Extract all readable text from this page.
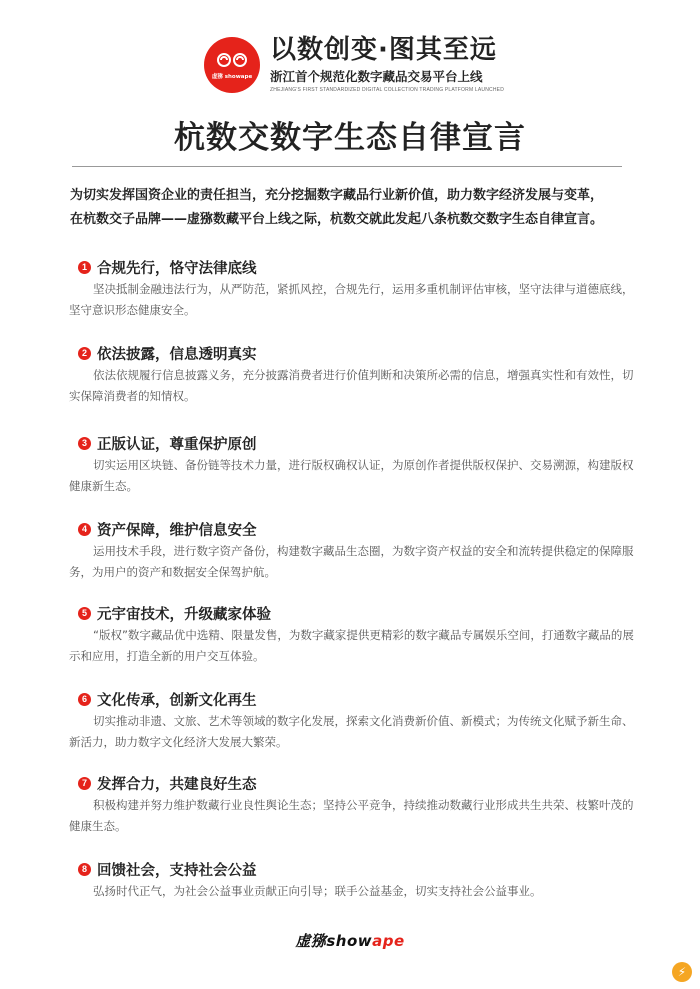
虚猕 showape
以数创变·图其至远
浙江首个规范化数字藏品交易平台上线
ZHEJIANG'S FIRST STANDARDIZED DIGITAL COLLECTION TRADING PLATFORM LAUNCHED
杭数交数字生态自律宣言

为切实发挥国资企业的责任担当，充分挖掘数字藏品行业新价值，助力数字经济发展与变革，

在杭数交子品牌——虚猕数藏平台上线之际，杭数交就此发起八条杭数交数字生态自律宣言。

1 合规先行，恪守法律底线
坚决抵制金融违法行为，从严防范，紧抓风控，合规先行，运用多重机制评估审核，坚守法律与道德底线，坚守意识形态健康安全。
2 依法披露，信息透明真实
依法依规履行信息披露义务，充分披露消费者进行价值判断和决策所必需的信息，增强真实性和有效性，切实保障消费者的知情权。
3 正版认证，尊重保护原创
切实运用区块链、备份链等技术力量，进行版权确权认证，为原创作者提供版权保护、交易溯源，构建版权健康新生态。
4 资产保障，维护信息安全
运用技术手段，进行数字资产备份，构建数字藏品生态圈，为数字资产权益的安全和流转提供稳定的保障服务，为用户的资产和数据安全保驾护航。
5 元宇宙技术，升级藏家体验
“版权”数字藏品优中选精、限量发售，为数字藏家提供更精彩的数字藏品专属娱乐空间，打通数字藏品的展示和应用，打造全新的用户交互体验。
6 文化传承，创新文化再生
切实推动非遗、文旅、艺术等领域的数字化发展，探索文化消费新价值、新模式；为传统文化赋予新生命、新活力，助力数字文化经济大发展大繁荣。
7 发挥合力，共建良好生态
积极构建并努力维护数藏行业良性舆论生态；坚持公平竞争，持续推动数藏行业形成共生共荣、枝繁叶茂的健康生态。
8 回馈社会，支持社会公益
弘扬时代正气，为社会公益事业贡献正向引导；联手公益基金，切实支持社会公益事业。
虚猕showape
⚡
